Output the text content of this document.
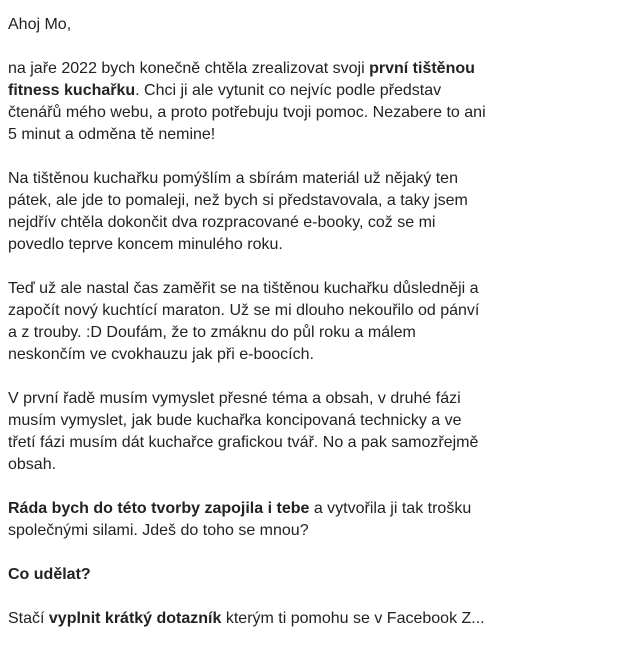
Ahoj Mo,

na jaře 2022 bych konečně chtěla zrealizovat svoji první tištěnou fitness kuchařku. Chci ji ale vytunit co nejvíc podle představ čtenářů mého webu, a proto potřebuju tvoji pomoc. Nezabere to ani 5 minut a odměna tě nemine!

Na tištěnou kuchařku pomýšlím a sbírám materiál už nějaký ten pátek, ale jde to pomaleji, než bych si představovala, a taky jsem nejdřív chtěla dokončit dva rozpracované e-booky, což se mi povedlo teprve koncem minulého roku.

Teď už ale nastal čas zaměřit se na tištěnou kuchařku důsledněji a započít nový kuchtící maraton. Už se mi dlouho nekouřilo od pánví a z trouby. :D Doufám, že to zmáknu do půl roku a málem neskončím ve cvokhauzu jak při e-boocích.

V první řadě musím vymyslet přesné téma a obsah, v druhé fázi musím vymyslet, jak bude kuchařka koncipovaná technicky a ve třetí fázi musím dát kuchařce grafickou tvář. No a pak samozřejmě obsah.

Ráda bych do této tvorby zapojila i tebe a vytvořila ji tak trošku společnými silami. Jdeš do toho se mnou?

Co udělat?

Stačí vyplnit krátký dotazník kterým ti pomohu se v Facebook Z...
